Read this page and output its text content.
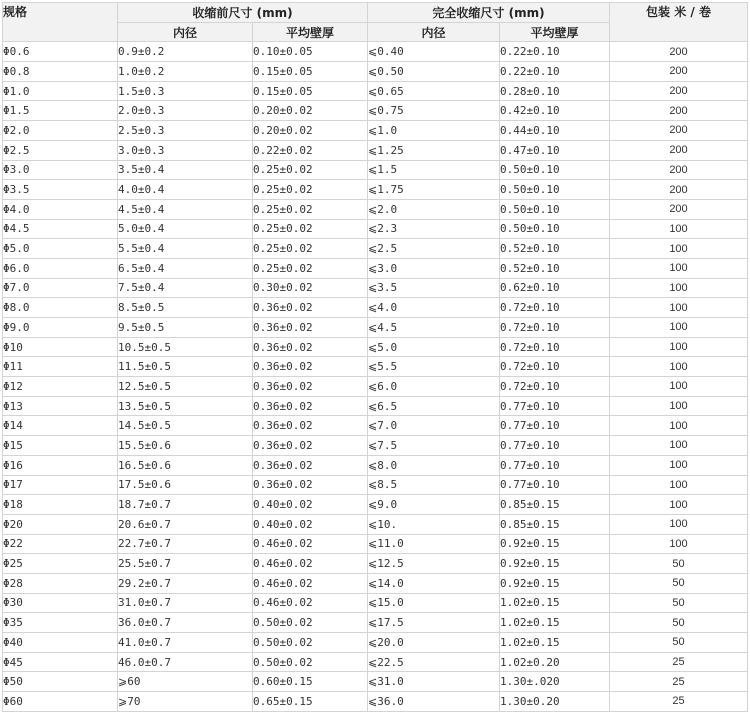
规格	收缩前尺寸 (mm)		完全收缩尺寸 (mm)		包装 米 / 卷
	内径	平均壁厚	内径	平均壁厚	
Φ0.6	0.9±0.2	0.10±0.05	⩽0.40	0.22±0.10	200
Φ0.8	1.0±0.2	0.15±0.05	⩽0.50	0.22±0.10	200
Φ1.0	1.5±0.3	0.15±0.05	⩽0.65	0.28±0.10	200
Φ1.5	2.0±0.3	0.20±0.02	⩽0.75	0.42±0.10	200
Φ2.0	2.5±0.3	0.20±0.02	⩽1.0	0.44±0.10	200
Φ2.5	3.0±0.3	0.22±0.02	⩽1.25	0.47±0.10	200
Φ3.0	3.5±0.4	0.25±0.02	⩽1.5	0.50±0.10	200
Φ3.5	4.0±0.4	0.25±0.02	⩽1.75	0.50±0.10	200
Φ4.0	4.5±0.4	0.25±0.02	⩽2.0	0.50±0.10	200
Φ4.5	5.0±0.4	0.25±0.02	⩽2.3	0.50±0.10	100
Φ5.0	5.5±0.4	0.25±0.02	⩽2.5	0.52±0.10	100
Φ6.0	6.5±0.4	0.25±0.02	⩽3.0	0.52±0.10	100
Φ7.0	7.5±0.4	0.30±0.02	⩽3.5	0.62±0.10	100
Φ8.0	8.5±0.5	0.36±0.02	⩽4.0	0.72±0.10	100
Φ9.0	9.5±0.5	0.36±0.02	⩽4.5	0.72±0.10	100
Φ10	10.5±0.5	0.36±0.02	⩽5.0	0.72±0.10	100
Φ11	11.5±0.5	0.36±0.02	⩽5.5	0.72±0.10	100
Φ12	12.5±0.5	0.36±0.02	⩽6.0	0.72±0.10	100
Φ13	13.5±0.5	0.36±0.02	⩽6.5	0.77±0.10	100
Φ14	14.5±0.5	0.36±0.02	⩽7.0	0.77±0.10	100
Φ15	15.5±0.6	0.36±0.02	⩽7.5	0.77±0.10	100
Φ16	16.5±0.6	0.36±0.02	⩽8.0	0.77±0.10	100
Φ17	17.5±0.6	0.36±0.02	⩽8.5	0.77±0.10	100
Φ18	18.7±0.7	0.40±0.02	⩽9.0	0.85±0.15	100
Φ20	20.6±0.7	0.40±0.02	⩽10.	0.85±0.15	100
Φ22	22.7±0.7	0.46±0.02	⩽11.0	0.92±0.15	100
Φ25	25.5±0.7	0.46±0.02	⩽12.5	0.92±0.15	50
Φ28	29.2±0.7	0.46±0.02	⩽14.0	0.92±0.15	50
Φ30	31.0±0.7	0.46±0.02	⩽15.0	1.02±0.15	50
Φ35	36.0±0.7	0.50±0.02	⩽17.5	1.02±0.15	50
Φ40	41.0±0.7	0.50±0.02	⩽20.0	1.02±0.15	50
Φ45	46.0±0.7	0.50±0.02	⩽22.5	1.02±0.20	25
Φ50	⩾60	0.60±0.15	⩽31.0	1.30±.020	25
Φ60	⩾70	0.65±0.15	⩽36.0	1.30±0.20	25
